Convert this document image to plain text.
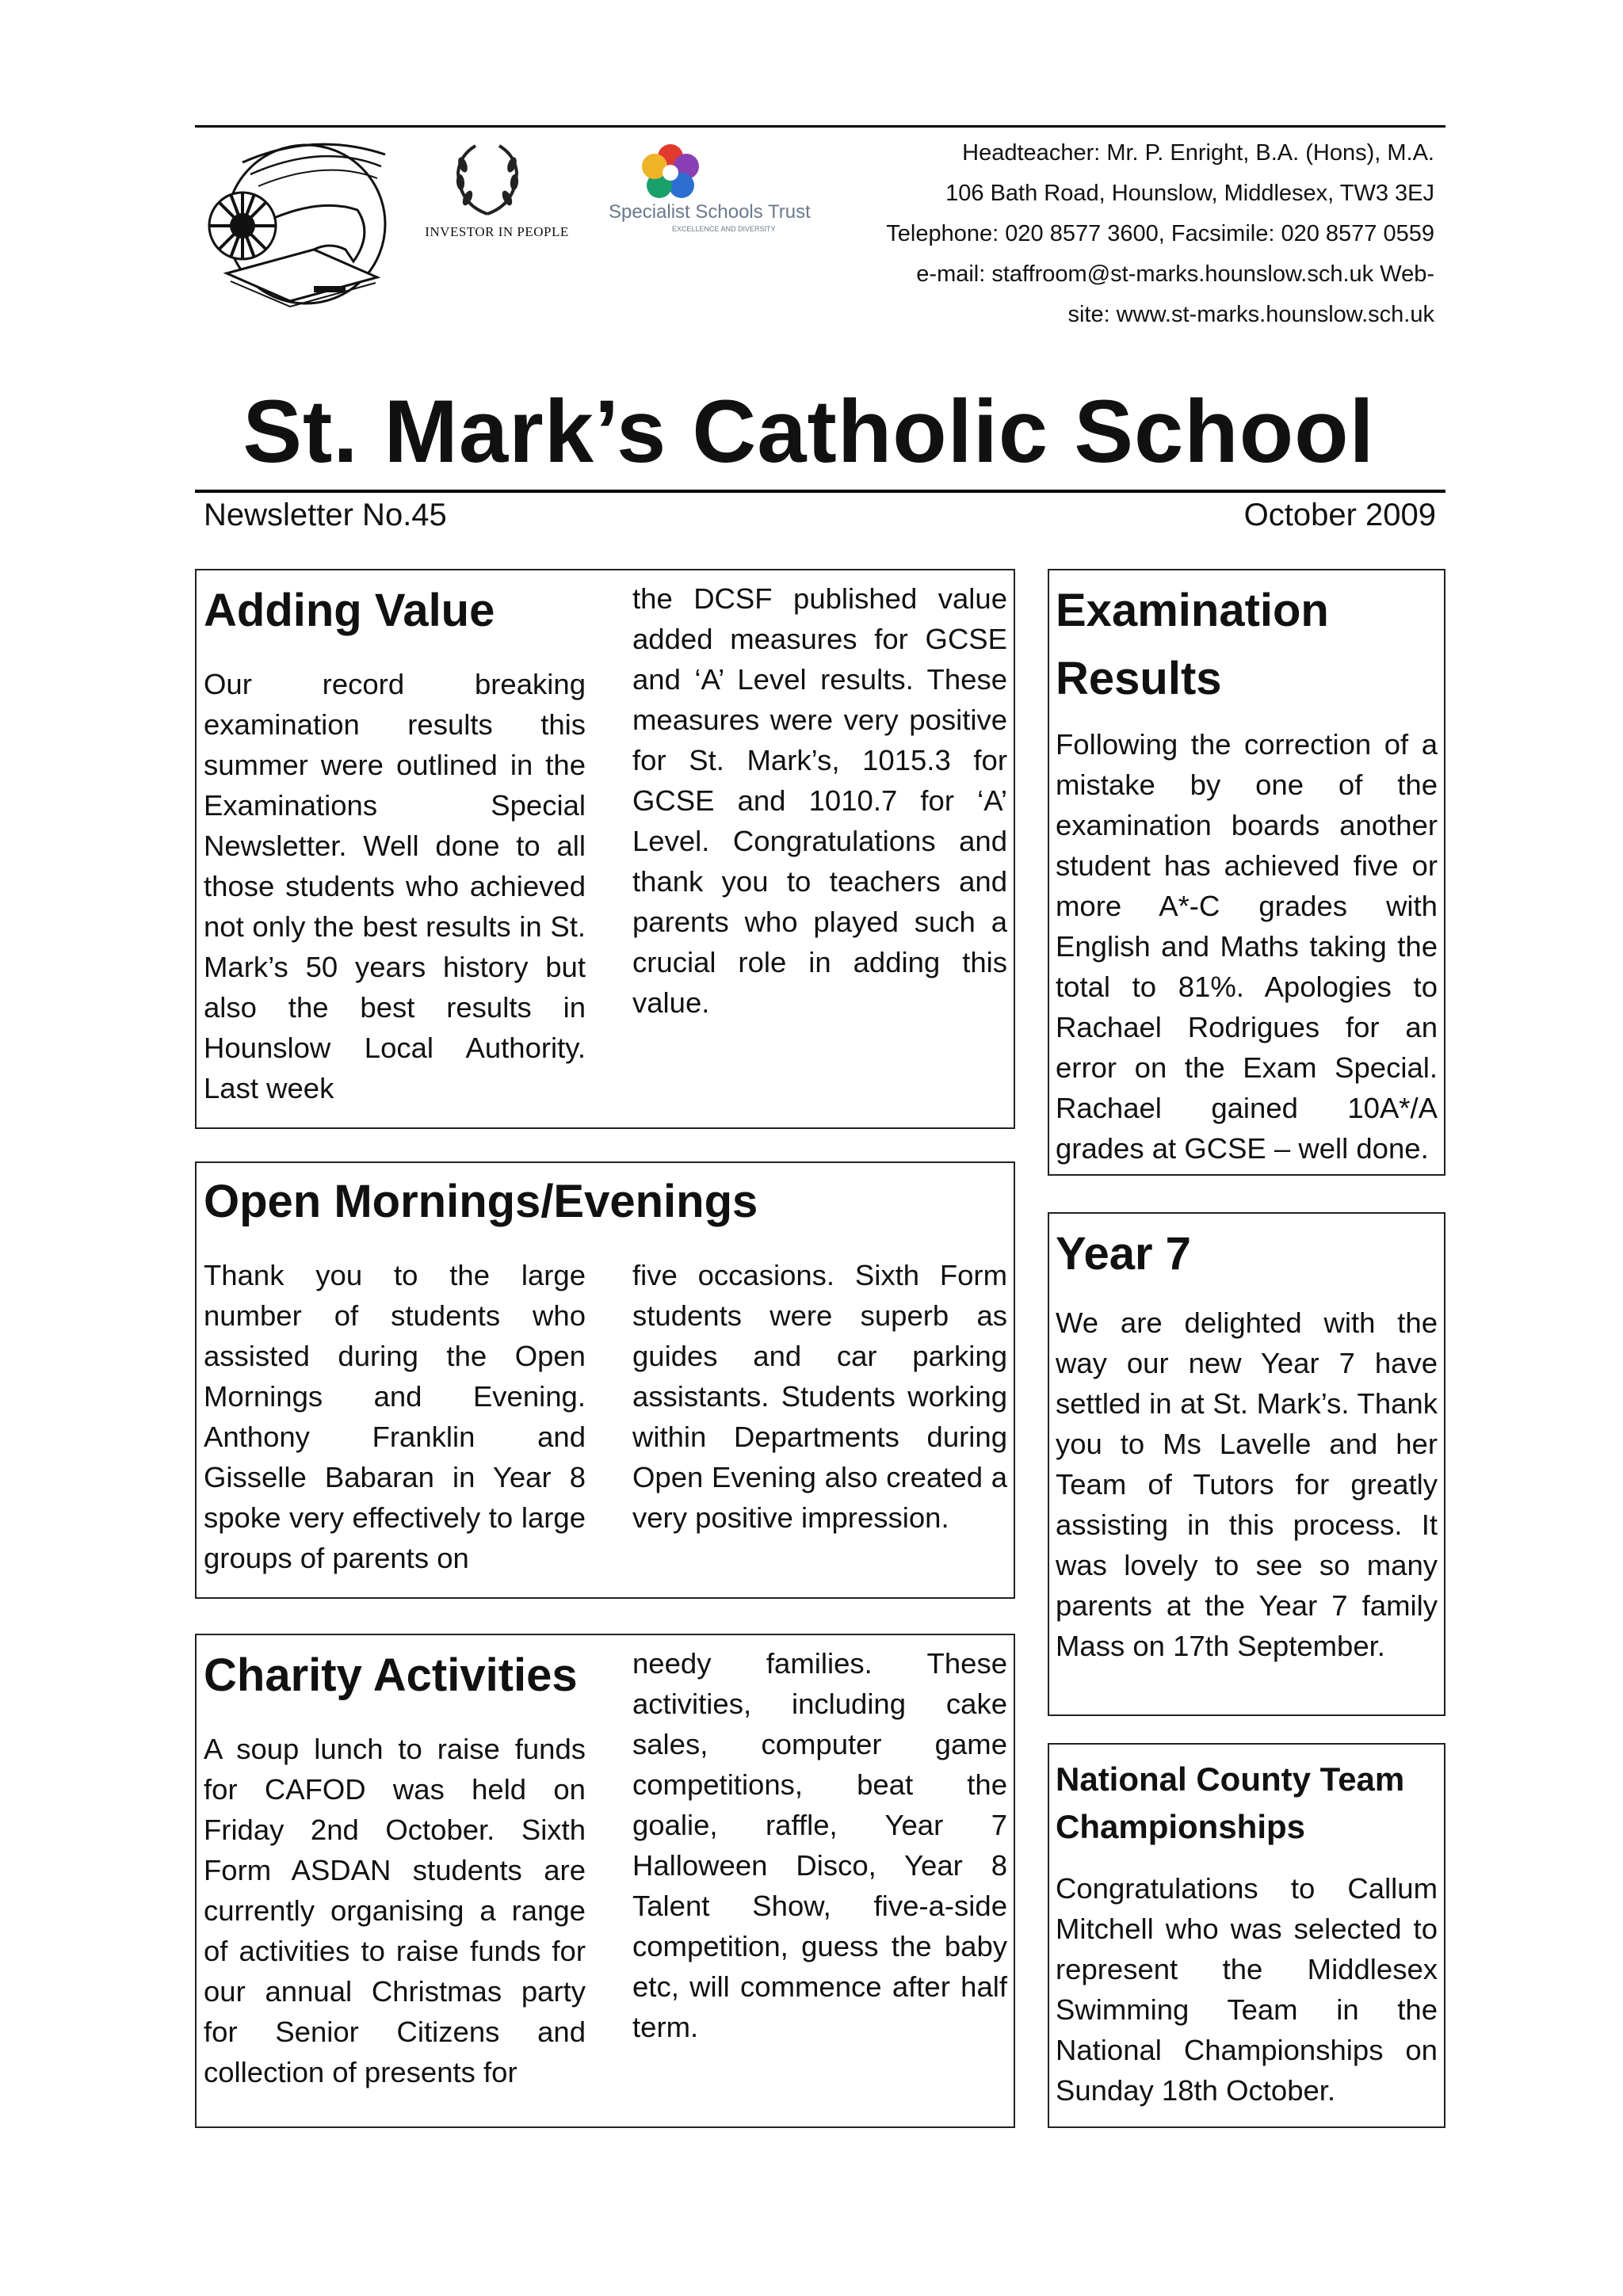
INVESTOR IN PEOPLE
Specialist Schools Trust
EXCELLENCE AND DIVERSITY
Headteacher: Mr. P. Enright, B.A. (Hons), M.A.
106 Bath Road, Hounslow, Middlesex, TW3 3EJ
Telephone: 020 8577 3600, Facsimile: 020 8577 0559
e-mail: staffroom@st-marks.hounslow.sch.uk Web-
site: www.st-marks.hounslow.sch.uk
St. Mark’s Catholic School
Newsletter No.45	October 2009
Adding Value
Our record breaking examination results this summer were outlined in the Examinations Special Newsletter. Well done to all those students who achieved not only the best results in St. Mark’s 50 years history but also the best results in Hounslow Local Authority. Last week
the DCSF published value added measures for GCSE and ‘A’ Level results. These measures were very positive for St. Mark’s, 1015.3 for GCSE and 1010.7 for ‘A’ Level. Congratulations and thank you to teachers and parents who played such a crucial role in adding this value.
Open Mornings/Evenings
Thank you to the large number of students who assisted during the Open Mornings and Evening. Anthony Franklin and Gisselle Babaran in Year 8 spoke very effectively to large groups of parents on
five occasions. Sixth Form students were superb as guides and car parking assistants. Students working within Departments during Open Evening also created a very positive impression.
Charity Activities
A soup lunch to raise funds for CAFOD was held on Friday 2nd October. Sixth Form ASDAN students are currently organising a range of activities to raise funds for our annual Christmas party for Senior Citizens and collection of presents for
needy families. These activities, including cake sales, computer game competitions, beat the goalie, raffle, Year 7 Halloween Disco, Year 8 Talent Show, five-a-side competition, guess the baby etc, will commence after half term.
Examination
Results
Following the correction of a mistake by one of the examination boards another student has achieved five or more A*-C grades with English and Maths taking the total to 81%. Apologies to Rachael Rodrigues for an error on the Exam Special. Rachael gained 10A*/A grades at GCSE – well done.
Year 7
We are delighted with the way our new Year 7 have settled in at St. Mark’s. Thank you to Ms Lavelle and her Team of Tutors for greatly assisting in this process. It was lovely to see so many parents at the Year 7 family Mass on 17th September.
National County Team
Championships
Congratulations to Callum Mitchell who was selected to represent the Middlesex Swimming Team in the National Championships on Sunday 18th October.
